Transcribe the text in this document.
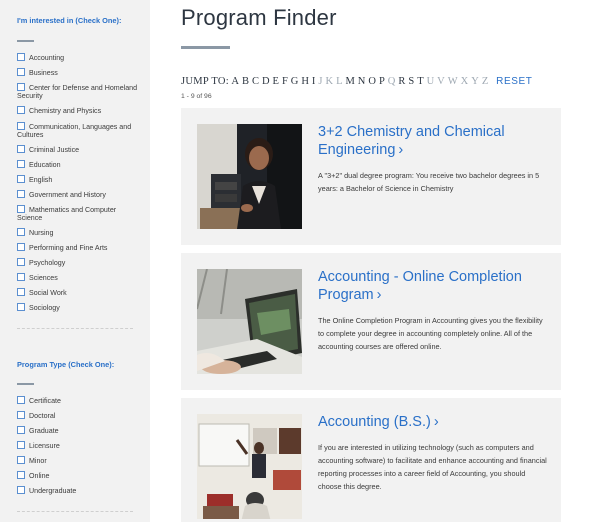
I'm interested in (Check One):
Accounting
Business
Center for Defense and Homeland Security
Chemistry and Physics
Communication, Languages and Cultures
Criminal Justice
Education
English
Government and History
Mathematics and Computer Science
Nursing
Performing and Fine Arts
Psychology
Sciences
Social Work
Sociology
Program Type (Check One):
Certificate
Doctoral
Graduate
Licensure
Minor
Online
Undergraduate
Program Finder
JUMP TO: A B C D E F G H I J K L M N O P Q R S T U V W X Y Z RESET
1 - 9 of 96
3+2 Chemistry and Chemical Engineering ›
A "3+2" dual degree program: You receive two bachelor degrees in 5 years: a Bachelor of Science in Chemistry
Accounting - Online Completion Program ›
The Online Completion Program in Accounting gives you the flexibility to complete your degree in accounting completely online. All of the accounting courses are offered online.
Accounting (B.S.) ›
If you are interested in utilizing technology (such as computers and accounting software) to facilitate and enhance accounting and financial reporting processes into a career field of Accounting, you should choose this degree.
